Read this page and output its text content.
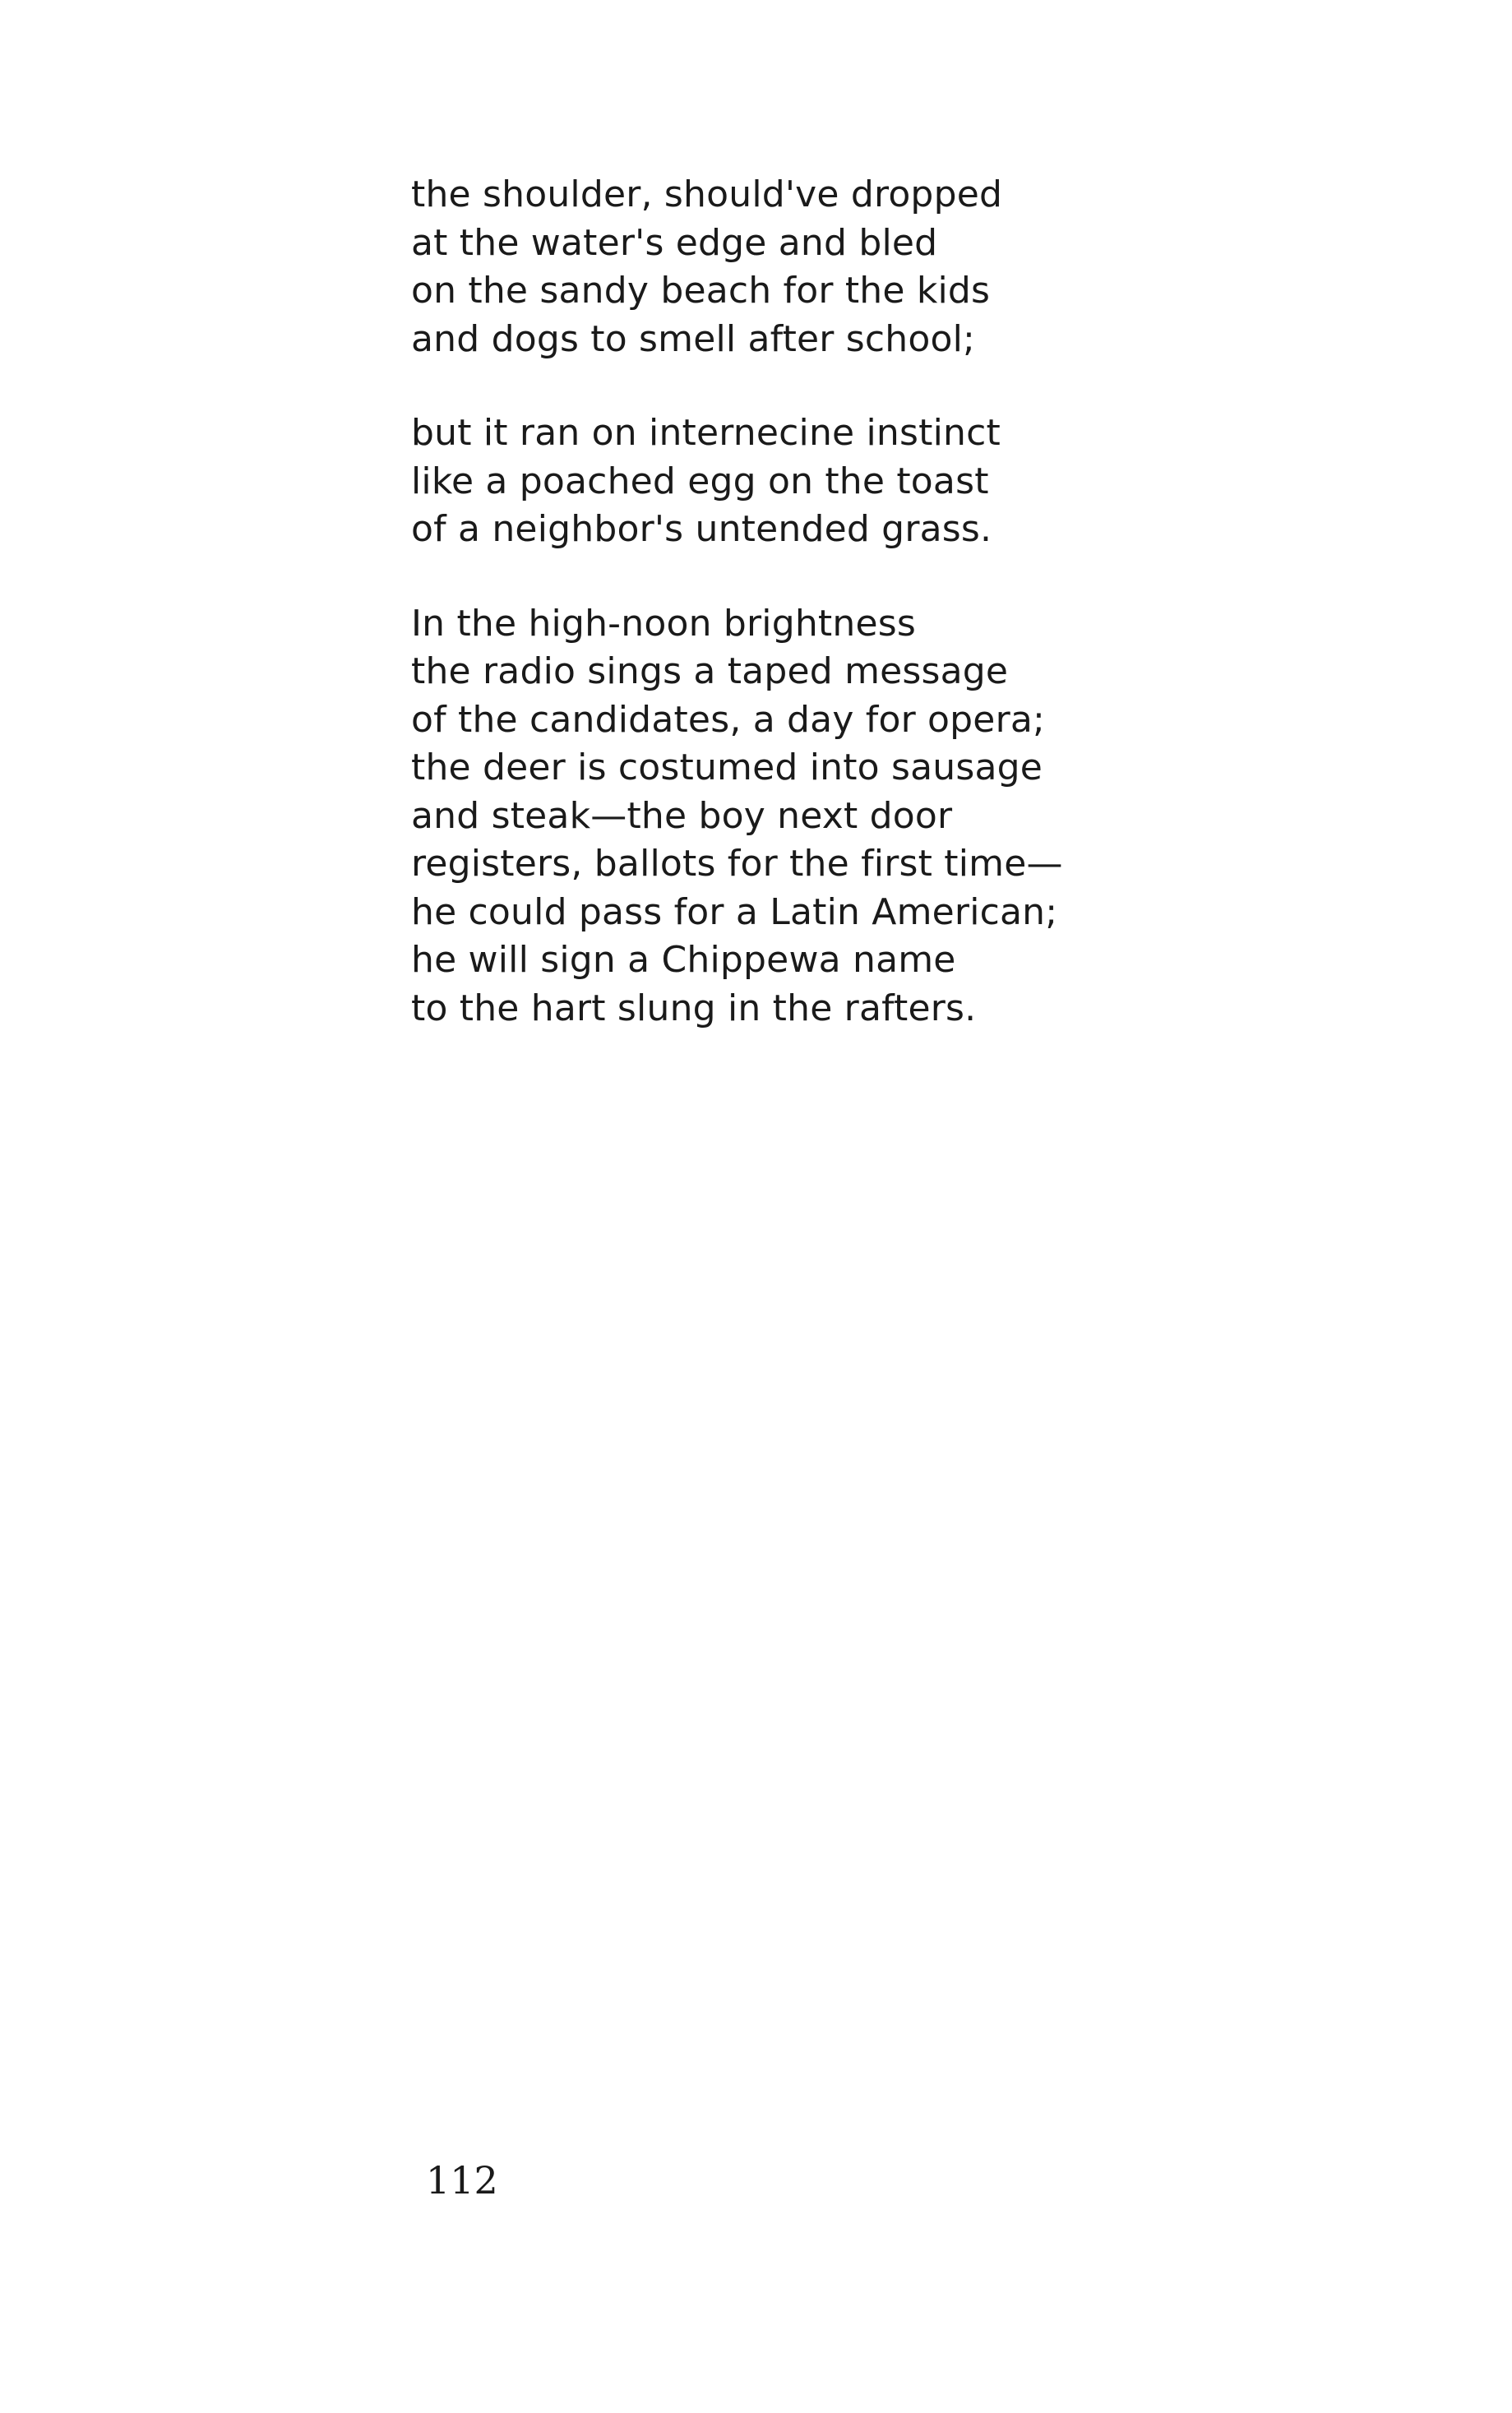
the shoulder, should've dropped
at the water's edge and bled
on the sandy beach for the kids
and dogs to smell after school;
but it ran on internecine instinct
like a poached egg on the toast
of a neighbor's untended grass.
In the high-noon brightness
the radio sings a taped message
of the candidates, a day for opera;
the deer is costumed into sausage
and steak—the boy next door
registers, ballots for the first time—
he could pass for a Latin American;
he will sign a Chippewa name
to the hart slung in the rafters.
112
